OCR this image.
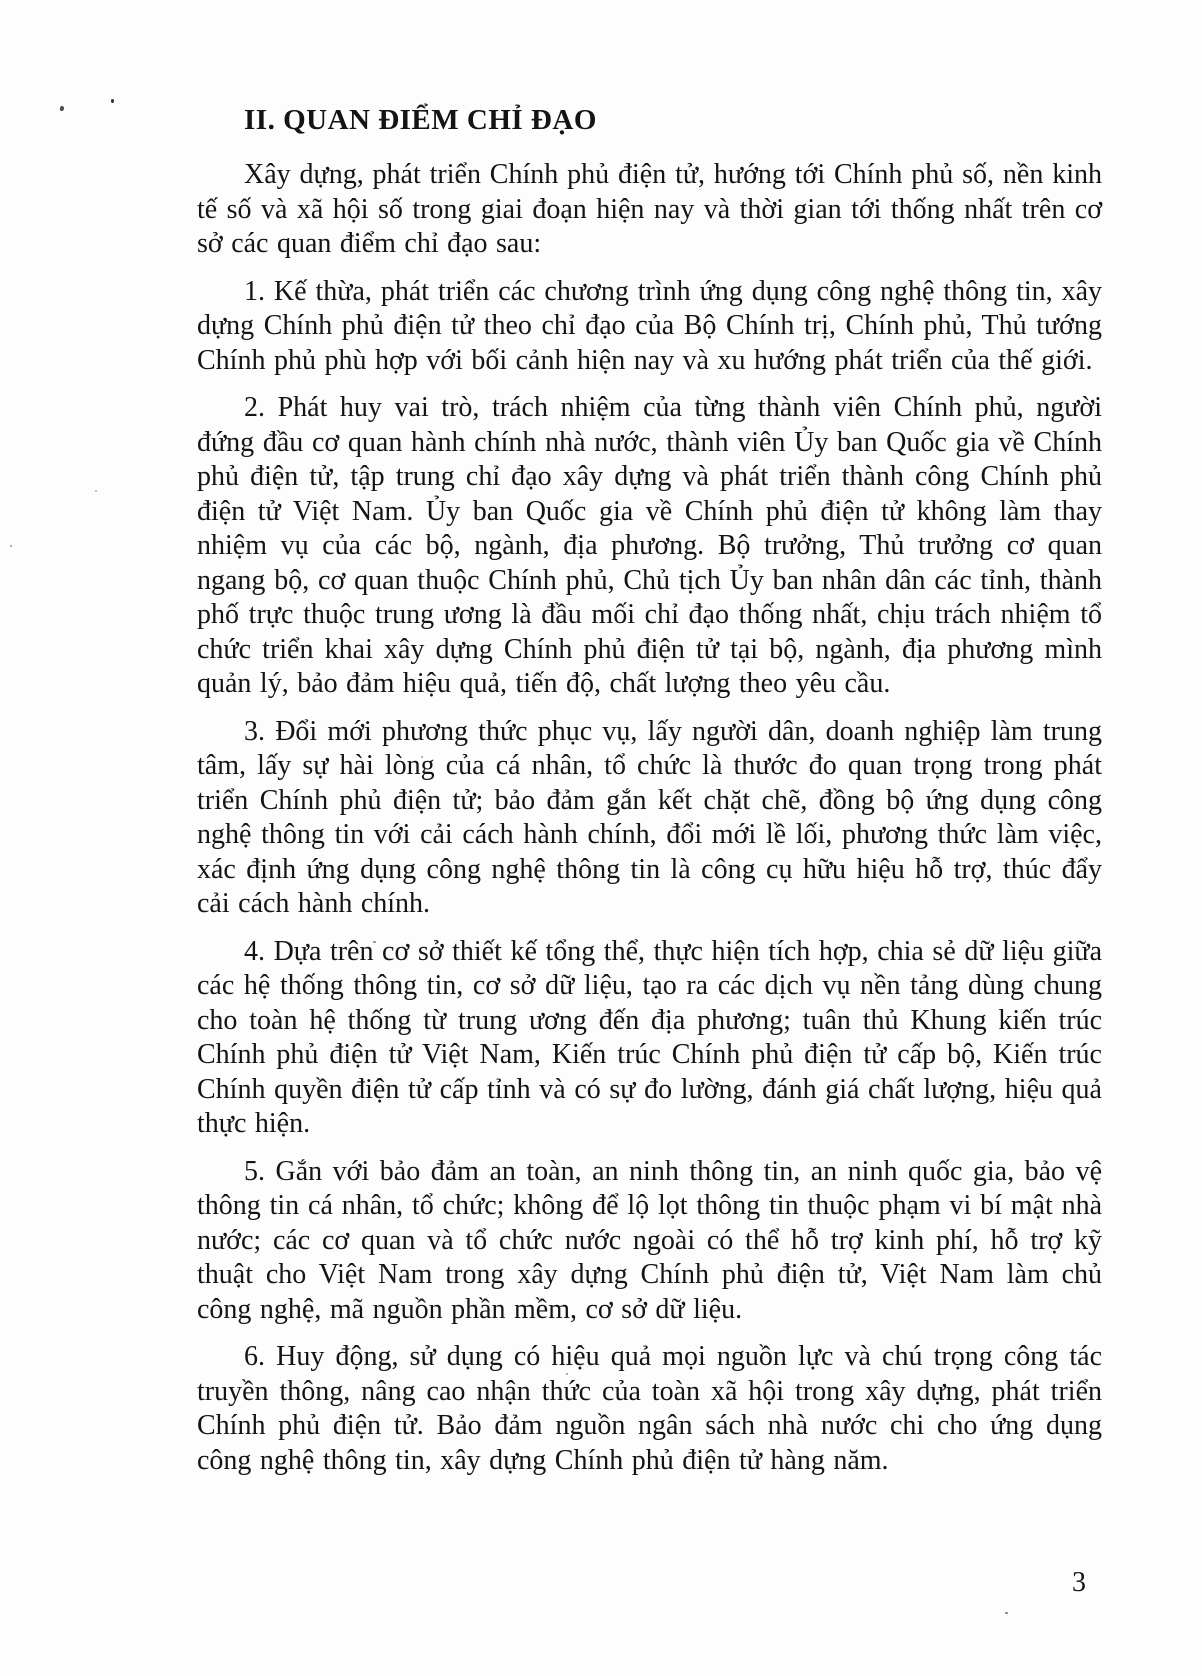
II. QUAN ĐIỂM CHỈ ĐẠO

Xây dựng, phát triển Chính phủ điện tử, hướng tới Chính phủ số, nền kinh tế số và xã hội số trong giai đoạn hiện nay và thời gian tới thống nhất trên cơ sở các quan điểm chỉ đạo sau:

1. Kế thừa, phát triển các chương trình ứng dụng công nghệ thông tin, xây dựng Chính phủ điện tử theo chỉ đạo của Bộ Chính trị, Chính phủ, Thủ tướng Chính phủ phù hợp với bối cảnh hiện nay và xu hướng phát triển của thế giới.

2. Phát huy vai trò, trách nhiệm của từng thành viên Chính phủ, người đứng đầu cơ quan hành chính nhà nước, thành viên Ủy ban Quốc gia về Chính phủ điện tử, tập trung chỉ đạo xây dựng và phát triển thành công Chính phủ điện tử Việt Nam. Ủy ban Quốc gia về Chính phủ điện tử không làm thay nhiệm vụ của các bộ, ngành, địa phương. Bộ trưởng, Thủ trưởng cơ quan ngang bộ, cơ quan thuộc Chính phủ, Chủ tịch Ủy ban nhân dân các tỉnh, thành phố trực thuộc trung ương là đầu mối chỉ đạo thống nhất, chịu trách nhiệm tổ chức triển khai xây dựng Chính phủ điện tử tại bộ, ngành, địa phương mình quản lý, bảo đảm hiệu quả, tiến độ, chất lượng theo yêu cầu.

3. Đổi mới phương thức phục vụ, lấy người dân, doanh nghiệp làm trung tâm, lấy sự hài lòng của cá nhân, tổ chức là thước đo quan trọng trong phát triển Chính phủ điện tử; bảo đảm gắn kết chặt chẽ, đồng bộ ứng dụng công nghệ thông tin với cải cách hành chính, đổi mới lề lối, phương thức làm việc, xác định ứng dụng công nghệ thông tin là công cụ hữu hiệu hỗ trợ, thúc đẩy cải cách hành chính.

4. Dựa trên cơ sở thiết kế tổng thể, thực hiện tích hợp, chia sẻ dữ liệu giữa các hệ thống thông tin, cơ sở dữ liệu, tạo ra các dịch vụ nền tảng dùng chung cho toàn hệ thống từ trung ương đến địa phương; tuân thủ Khung kiến trúc Chính phủ điện tử Việt Nam, Kiến trúc Chính phủ điện tử cấp bộ, Kiến trúc Chính quyền điện tử cấp tỉnh và có sự đo lường, đánh giá chất lượng, hiệu quả thực hiện.

5. Gắn với bảo đảm an toàn, an ninh thông tin, an ninh quốc gia, bảo vệ thông tin cá nhân, tổ chức; không để lộ lọt thông tin thuộc phạm vi bí mật nhà nước; các cơ quan và tổ chức nước ngoài có thể hỗ trợ kinh phí, hỗ trợ kỹ thuật cho Việt Nam trong xây dựng Chính phủ điện tử, Việt Nam làm chủ công nghệ, mã nguồn phần mềm, cơ sở dữ liệu.

6. Huy động, sử dụng có hiệu quả mọi nguồn lực và chú trọng công tác truyền thông, nâng cao nhận thức của toàn xã hội trong xây dựng, phát triển Chính phủ điện tử. Bảo đảm nguồn ngân sách nhà nước chi cho ứng dụng công nghệ thông tin, xây dựng Chính phủ điện tử hàng năm.

3
